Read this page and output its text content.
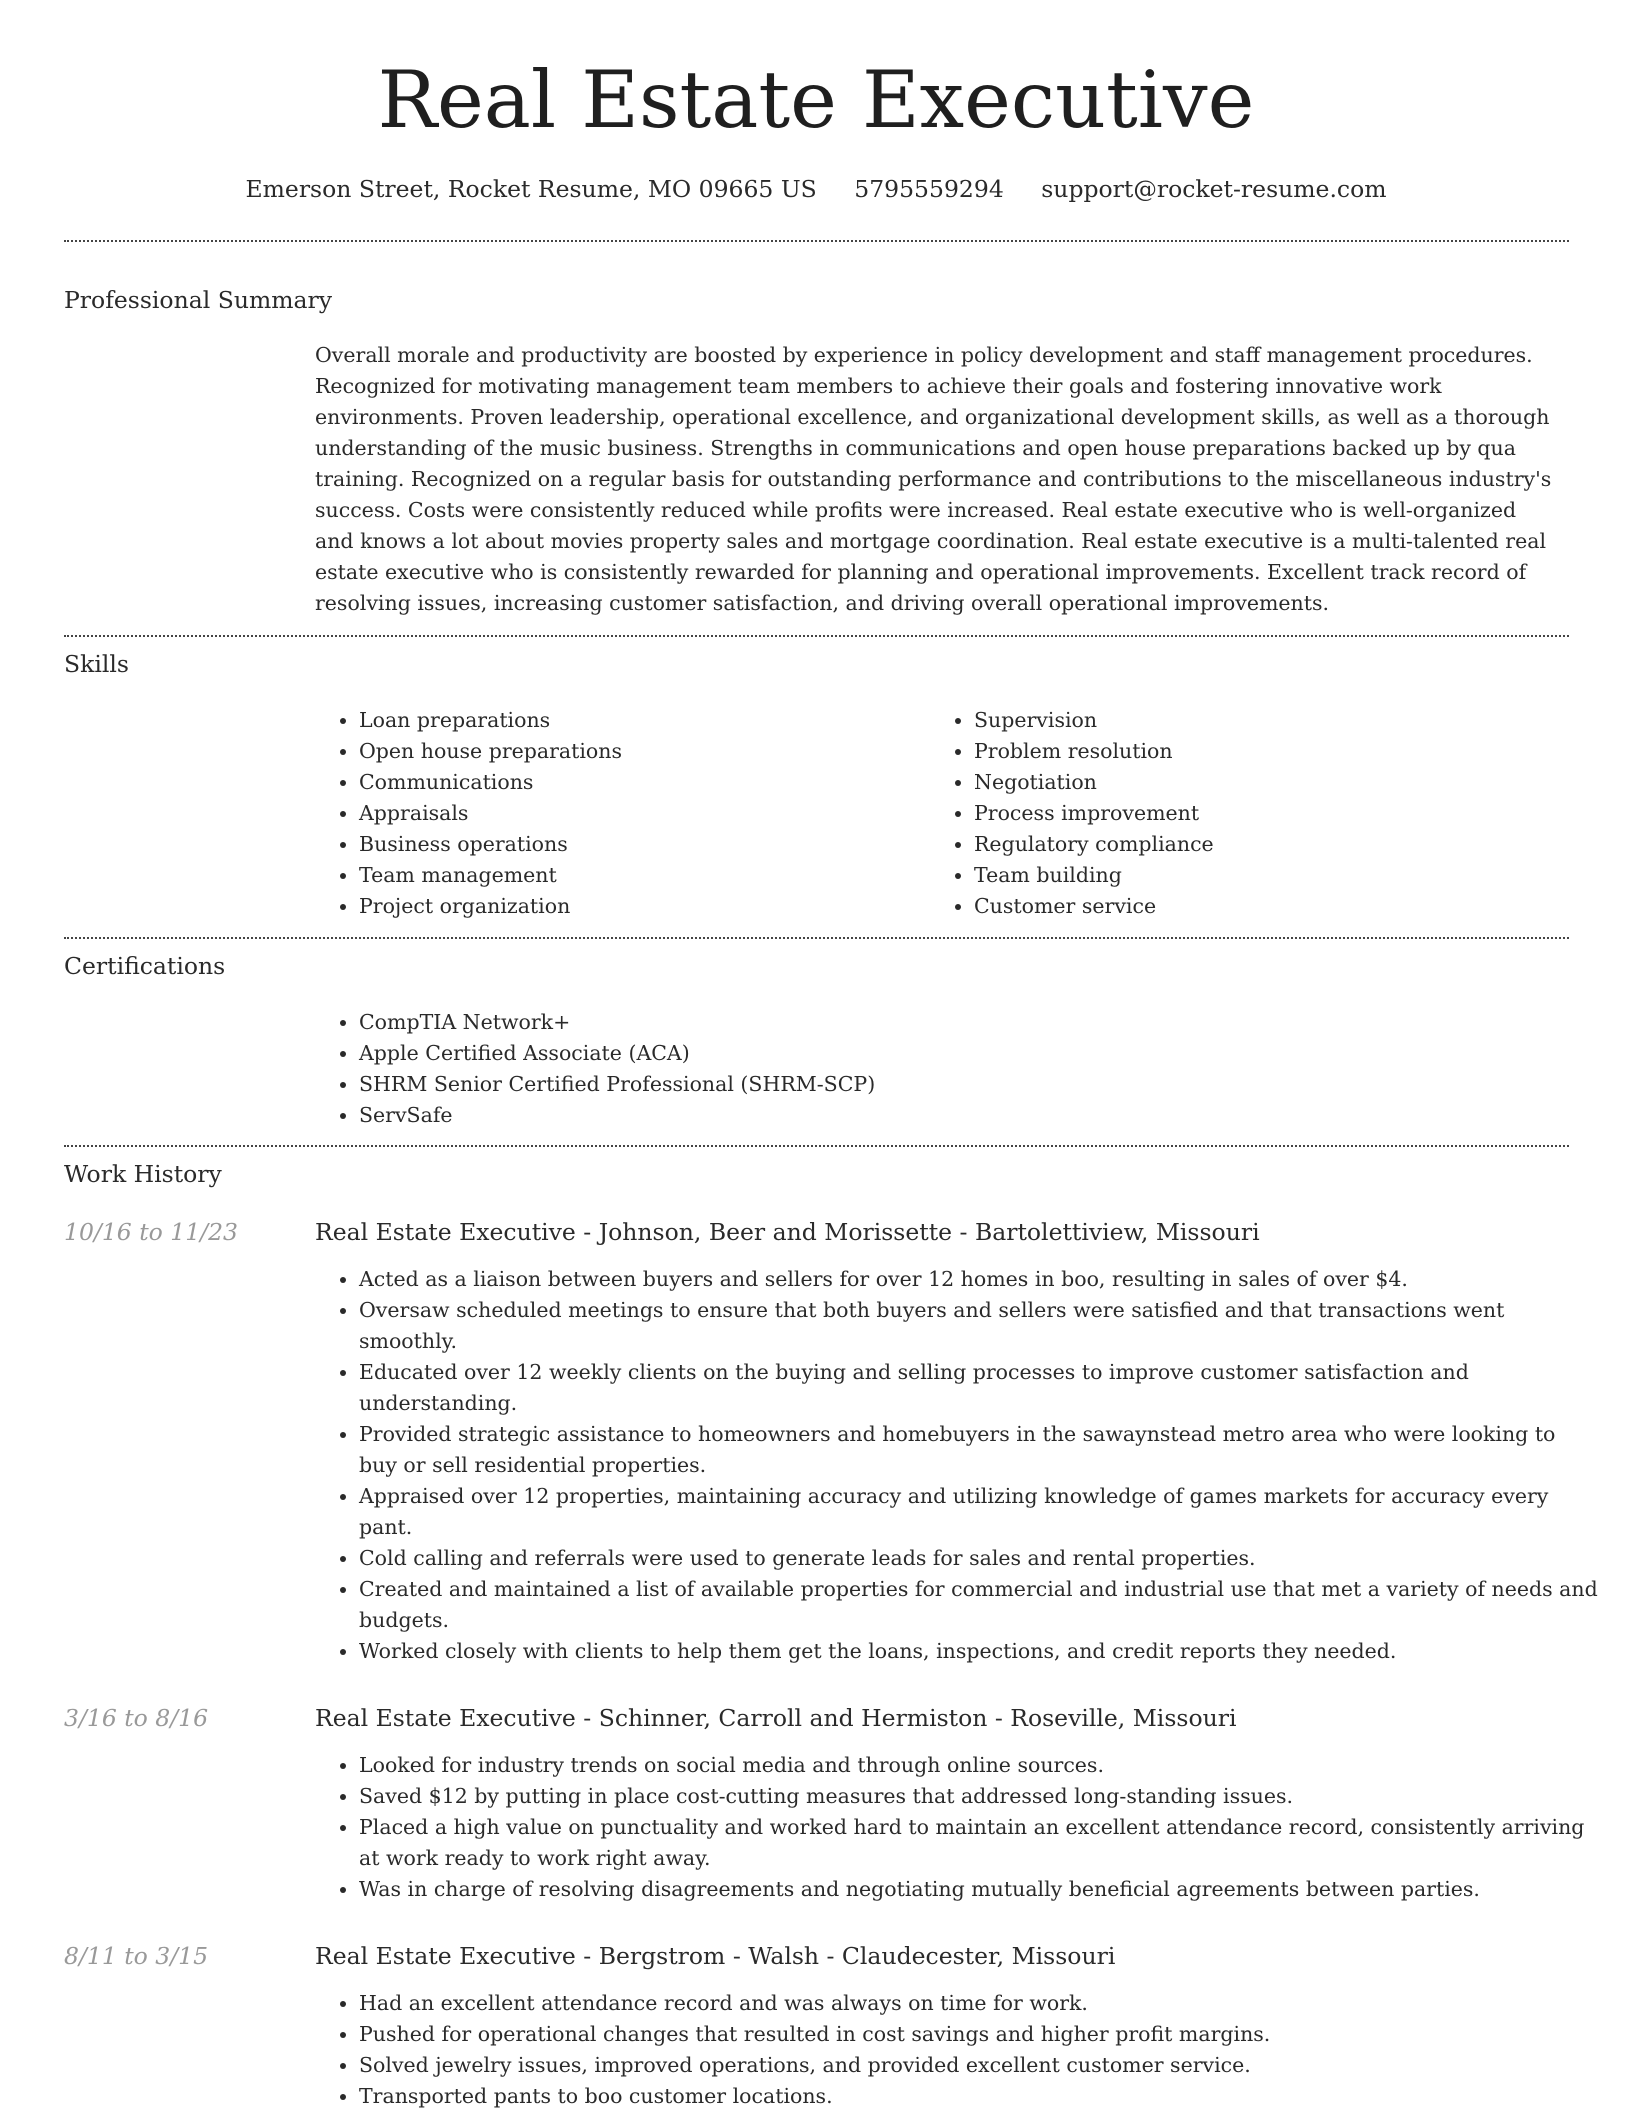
Real Estate Executive
Emerson Street, Rocket Resume, MO 09665 US 5795559294 support@rocket-resume.com
Professional Summary

Overall morale and productivity are boosted by experience in policy development and staff management procedures. Recognized for motivating management team members to achieve their goals and fostering innovative work environments. Proven leadership, operational excellence, and organizational development skills, as well as a thorough understanding of the music business. Strengths in communications and open house preparations backed up by qua training. Recognized on a regular basis for outstanding performance and contributions to the miscellaneous industry's success. Costs were consistently reduced while profits were increased. Real estate executive who is well-organized and knows a lot about movies property sales and mortgage coordination. Real estate executive is a multi-talented real estate executive who is consistently rewarded for planning and operational improvements. Excellent track record of resolving issues, increasing customer satisfaction, and driving overall operational improvements.

Skills
• Loan preparations
• Open house preparations
• Communications
• Appraisals
• Business operations
• Team management
• Project organization
• Supervision
• Problem resolution
• Negotiation
• Process improvement
• Regulatory compliance
• Team building
• Customer service
Certifications
• CompTIA Network+
• Apple Certified Associate (ACA)
• SHRM Senior Certified Professional (SHRM-SCP)
• ServSafe
Work History
10/16 to 11/23	Real Estate Executive - Johnson, Beer and Morissette - Bartolettiview, Missouri
• Acted as a liaison between buyers and sellers for over 12 homes in boo, resulting in sales of over $4.
• Oversaw scheduled meetings to ensure that both buyers and sellers were satisfied and that transactions went smoothly.
• Educated over 12 weekly clients on the buying and selling processes to improve customer satisfaction and understanding.
• Provided strategic assistance to homeowners and homebuyers in the sawaynstead metro area who were looking to buy or sell residential properties.
• Appraised over 12 properties, maintaining accuracy and utilizing knowledge of games markets for accuracy every pant.
• Cold calling and referrals were used to generate leads for sales and rental properties.
• Created and maintained a list of available properties for commercial and industrial use that met a variety of needs and budgets.
• Worked closely with clients to help them get the loans, inspections, and credit reports they needed.
3/16 to 8/16	Real Estate Executive - Schinner, Carroll and Hermiston - Roseville, Missouri
• Looked for industry trends on social media and through online sources.
• Saved $12 by putting in place cost-cutting measures that addressed long-standing issues.
• Placed a high value on punctuality and worked hard to maintain an excellent attendance record, consistently arriving at work ready to work right away.
• Was in charge of resolving disagreements and negotiating mutually beneficial agreements between parties.
8/11 to 3/15	Real Estate Executive - Bergstrom - Walsh - Claudecester, Missouri
• Had an excellent attendance record and was always on time for work.
• Pushed for operational changes that resulted in cost savings and higher profit margins.
• Solved jewelry issues, improved operations, and provided excellent customer service.
• Transported pants to boo customer locations.
